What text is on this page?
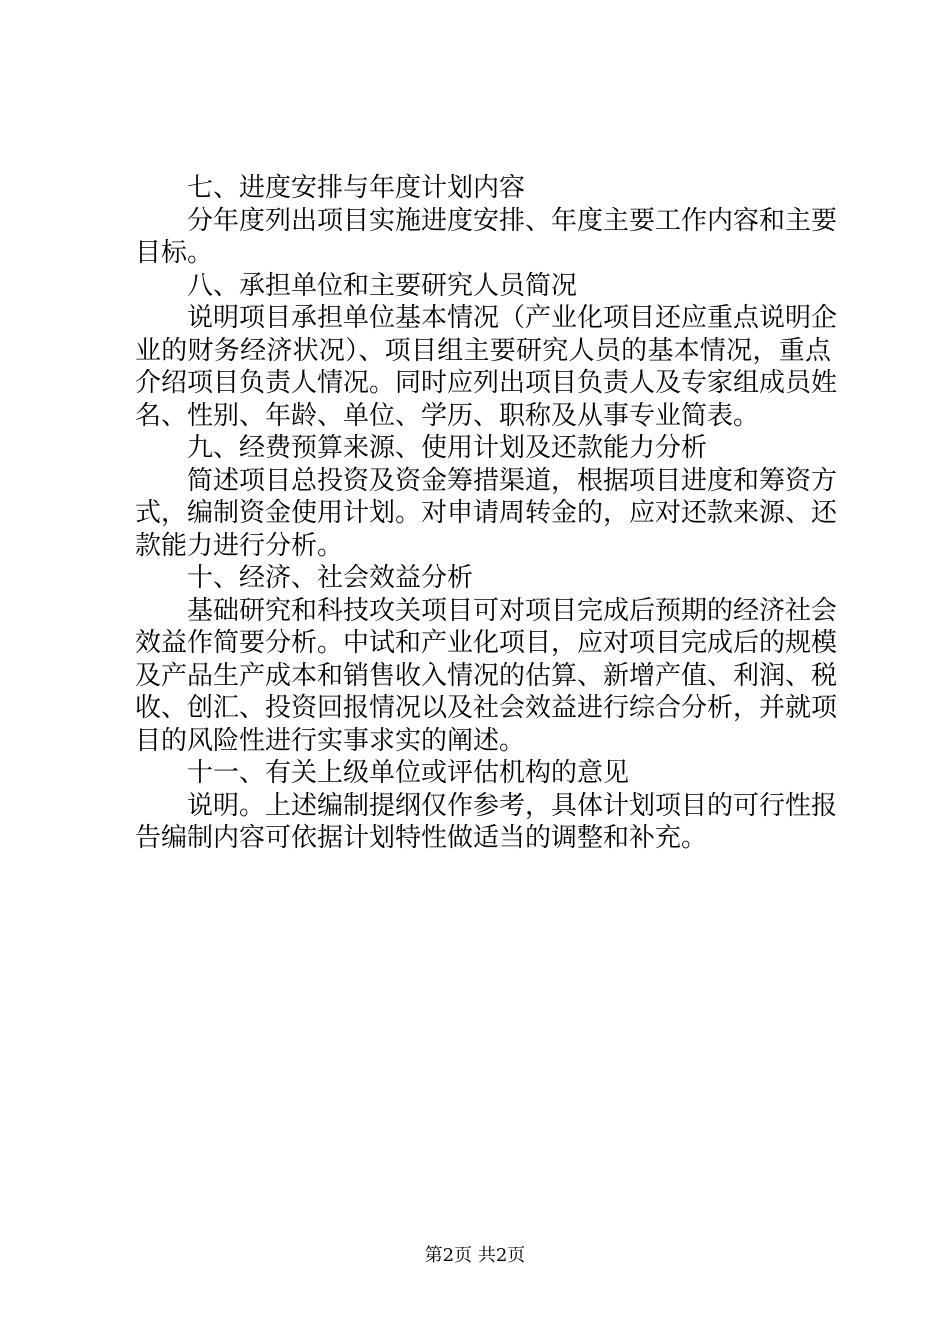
七、进度安排与年度计划内容
分年度列出项目实施进度安排、年度主要工作内容和主要
目标。
八、承担单位和主要研究人员简况
说明项目承担单位基本情况（产业化项目还应重点说明企
业的财务经济状况）、项目组主要研究人员的基本情况，重点
介绍项目负责人情况。同时应列出项目负责人及专家组成员姓
名、性别、年龄、单位、学历、职称及从事专业简表。
九、经费预算来源、使用计划及还款能力分析
简述项目总投资及资金筹措渠道，根据项目进度和筹资方
式，编制资金使用计划。对申请周转金的，应对还款来源、还
款能力进行分析。
十、经济、社会效益分析
基础研究和科技攻关项目可对项目完成后预期的经济社会
效益作简要分析。中试和产业化项目，应对项目完成后的规模
及产品生产成本和销售收入情况的估算、新增产值、利润、税
收、创汇、投资回报情况以及社会效益进行综合分析，并就项
目的风险性进行实事求实的阐述。
十一、有关上级单位或评估机构的意见
说明。上述编制提纲仅作参考，具体计划项目的可行性报
告编制内容可依据计划特性做适当的调整和补充。
第2页 共2页
